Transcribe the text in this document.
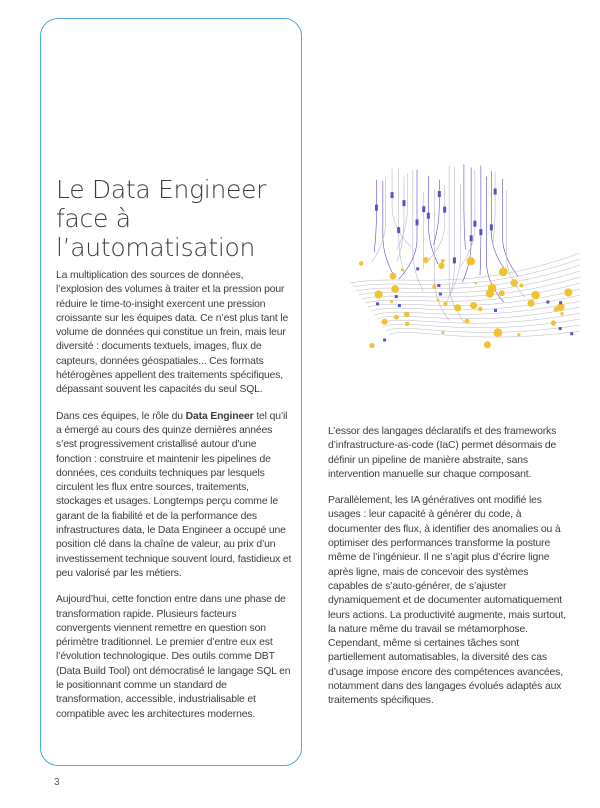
Le Data Engineer face à l’automatisation

La multiplication des sources de données, l’explosion des volumes à traiter et la pression pour réduire le time-to-insight exercent une pression croissante sur les équipes data. Ce n’est plus tant le volume de données qui constitue un frein, mais leur diversité : documents textuels, images, flux de capteurs, données géospatiales... Ces formats hétérogènes appellent des traitements spécifiques, dépassant souvent les capacités du seul SQL.

Dans ces équipes, le rôle du Data Engineer tel qu’il a émergé au cours des quinze dernières années s’est progressivement cristallisé autour d’une fonction : construire et maintenir les pipelines de données, ces conduits techniques par lesquels circulent les flux entre sources, traitements, stockages et usages. Longtemps perçu comme le garant de la fiabilité et de la performance des infrastructures data, le Data Engineer a occupé une position clé dans la chaîne de valeur, au prix d’un investissement technique souvent lourd, fastidieux et peu valorisé par les métiers.

Aujourd’hui, cette fonction entre dans une phase de transformation rapide. Plusieurs facteurs convergents viennent remettre en question son périmètre traditionnel. Le premier d’entre eux est l’évolution technologique. Des outils comme DBT (Data Build Tool) ont démocratisé le langage SQL en le positionnant comme un standard de transformation, accessible, industrialisable et compatible avec les architectures modernes.

L’essor des langages déclaratifs et des frameworks d’infrastructure-as-code (IaC) permet désormais de définir un pipeline de manière abstraite, sans intervention manuelle sur chaque composant.

Parallèlement, les IA génératives ont modifié les usages : leur capacité à générer du code, à documenter des flux, à identifier des anomalies ou à optimiser des performances transforme la posture même de l’ingénieur. Il ne s’agit plus d’écrire ligne après ligne, mais de concevoir des systèmes capables de s’auto-générer, de s’ajuster dynamiquement et de documenter automatiquement leurs actions. La productivité augmente, mais surtout, la nature même du travail se métamorphose. Cependant, même si certaines tâches sont partiellement automatisables, la diversité des cas d’usage impose encore des compétences avancées, notamment dans des langages évolués adaptés aux traitements spécifiques.

3
